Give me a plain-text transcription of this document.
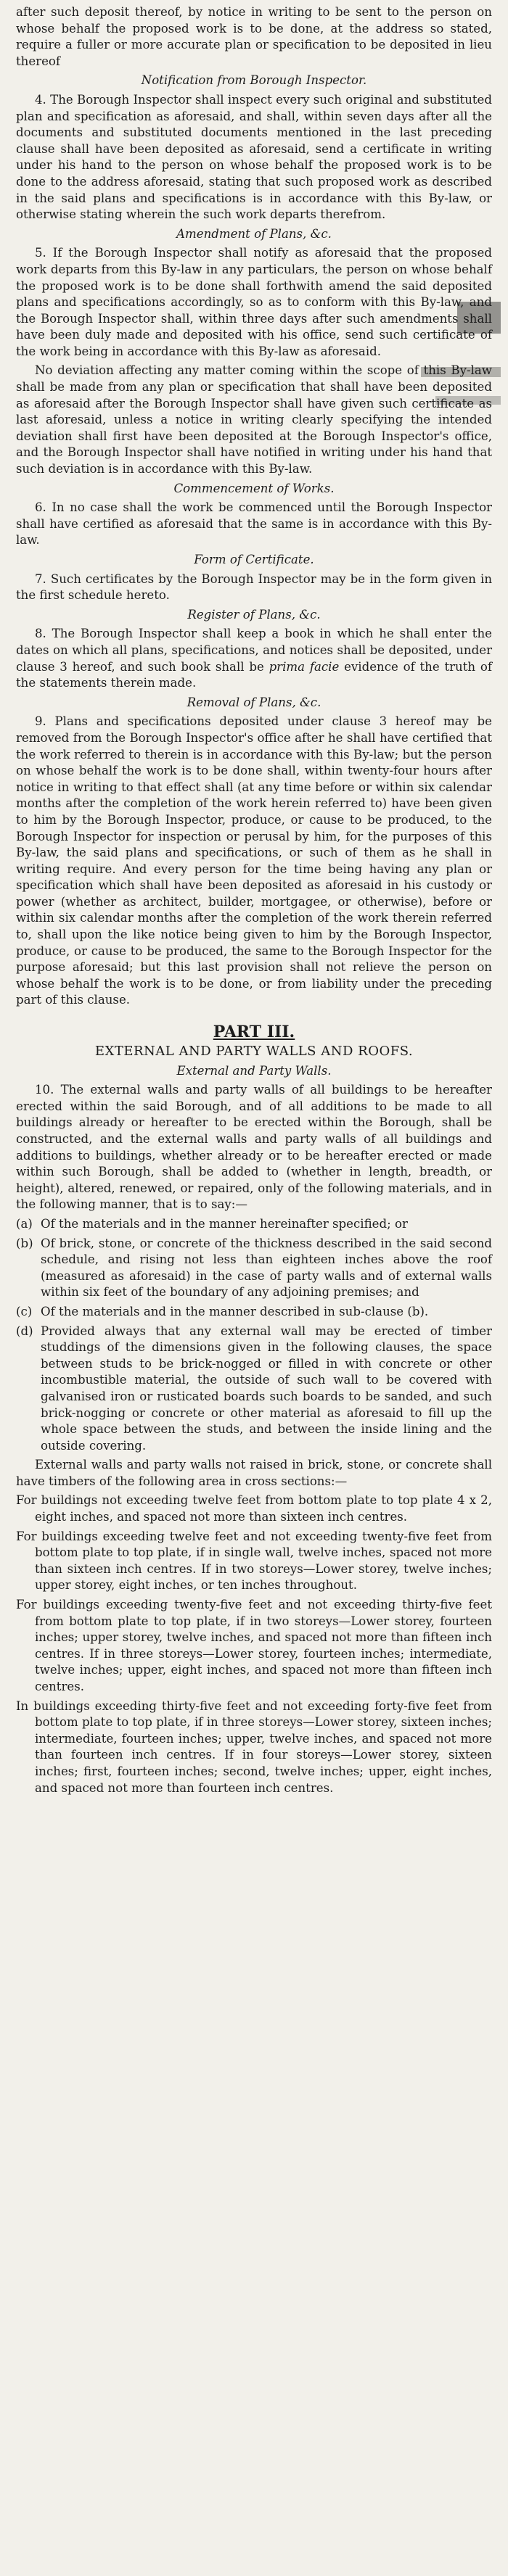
after such deposit thereof, by notice in writing to be sent to the person on whose behalf the proposed work is to be done, at the address so stated, require a fuller or more accurate plan or specification to be deposited in lieu thereof

Notification from Borough Inspector.

4. The Borough Inspector shall inspect every such original and substituted plan and specification as aforesaid, and shall, within seven days after all the documents and substituted documents mentioned in the last preceding clause shall have been deposited as aforesaid, send a certificate in writing under his hand to the person on whose behalf the proposed work is to be done to the address aforesaid, stating that such proposed work as described in the said plans and specifications is in accordance with this By-law, or otherwise stating wherein the such work departs therefrom.

Amendment of Plans, &c.

5. If the Borough Inspector shall notify as aforesaid that the proposed work departs from this By-law in any particulars, the person on whose behalf the proposed work is to be done shall forthwith amend the said deposited plans and specifications accordingly, so as to conform with this By-law, and the Borough Inspector shall, within three days after such amendments shall have been duly made and deposited with his office, send such certificate of the work being in accordance with this By-law as aforesaid.

No deviation affecting any matter coming within the scope of this By-law shall be made from any plan or specification that shall have been deposited as aforesaid after the Borough Inspector shall have given such certificate as last aforesaid, unless a notice in writing clearly specifying the intended deviation shall first have been deposited at the Borough Inspector's office, and the Borough Inspector shall have notified in writing under his hand that such deviation is in accordance with this By-law.

Commencement of Works.

6. In no case shall the work be commenced until the Borough Inspector shall have certified as aforesaid that the same is in accordance with this By-law.

Form of Certificate.

7. Such certificates by the Borough Inspector may be in the form given in the first schedule hereto.

Register of Plans, &c.

8. The Borough Inspector shall keep a book in which he shall enter the dates on which all plans, specifications, and notices shall be deposited, under clause 3 hereof, and such book shall be prima facie evidence of the truth of the statements therein made.

Removal of Plans, &c.

9. Plans and specifications deposited under clause 3 hereof may be removed from the Borough Inspector's office after he shall have certified that the work referred to therein is in accordance with this By-law; but the person on whose behalf the work is to be done shall, within twenty-four hours after notice in writing to that effect shall (at any time before or within six calendar months after the completion of the work herein referred to) have been given to him by the Borough Inspector, produce, or cause to be produced, to the Borough Inspector for inspection or perusal by him, for the purposes of this By-law, the said plans and specifications, or such of them as he shall in writing require. And every person for the time being having any plan or specification which shall have been deposited as aforesaid in his custody or power (whether as architect, builder, mortgagee, or otherwise), before or within six calendar months after the completion of the work therein referred to, shall upon the like notice being given to him by the Borough Inspector, produce, or cause to be produced, the same to the Borough Inspector for the purpose aforesaid; but this last provision shall not relieve the person on whose behalf the work is to be done, or from liability under the preceding part of this clause.

PART III.
EXTERNAL AND PARTY WALLS AND ROOFS.

External and Party Walls.

10. The external walls and party walls of all buildings to be hereafter erected within the said Borough, and of all additions to be made to all buildings already or hereafter to be erected within the Borough, shall be constructed, and the external walls and party walls of all buildings and additions to buildings, whether already or to be hereafter erected or made within such Borough, shall be added to (whether in length, breadth, or height), altered, renewed, or repaired, only of the following materials, and in the following manner, that is to say:—

(a) Of the materials and in the manner hereinafter specified; or

(b) Of brick, stone, or concrete of the thickness described in the said second schedule, and rising not less than eighteen inches above the roof (measured as aforesaid) in the case of party walls and of external walls within six feet of the boundary of any adjoining premises; and

(c) Of the materials and in the manner described in sub-clause (b).

(d) Provided always that any external wall may be erected of timber studdings of the dimensions given in the following clauses, the space between studs to be brick-nogged or filled in with concrete or other incombustible material, the outside of such wall to be covered with galvanised iron or rusticated boards such boards to be sanded, and such brick-nogging or concrete or other material as aforesaid to fill up the whole space between the studs, and between the inside lining and the outside covering.

External walls and party walls not raised in brick, stone, or concrete shall have timbers of the following area in cross sections:—

For buildings not exceeding twelve feet from bottom plate to top plate 4 x 2, eight inches, and spaced not more than sixteen inch centres.

For buildings exceeding twelve feet and not exceeding twenty-five feet from bottom plate to top plate, if in single wall, twelve inches, spaced not more than sixteen inch centres. If in two storeys—Lower storey, twelve inches; upper storey, eight inches, or ten inches throughout.

For buildings exceeding twenty-five feet and not exceeding thirty-five feet from bottom plate to top plate, if in two storeys—Lower storey, fourteen inches; upper storey, twelve inches, and spaced not more than fifteen inch centres. If in three storeys—Lower storey, fourteen inches; intermediate, twelve inches; upper, eight inches, and spaced not more than fifteen inch centres.

In buildings exceeding thirty-five feet and not exceeding forty-five feet from bottom plate to top plate, if in three storeys—Lower storey, sixteen inches; intermediate, fourteen inches; upper, twelve inches, and spaced not more than fourteen inch centres. If in four storeys—Lower storey, sixteen inches; first, fourteen inches; second, twelve inches; upper, eight inches, and spaced not more than fourteen inch centres.
